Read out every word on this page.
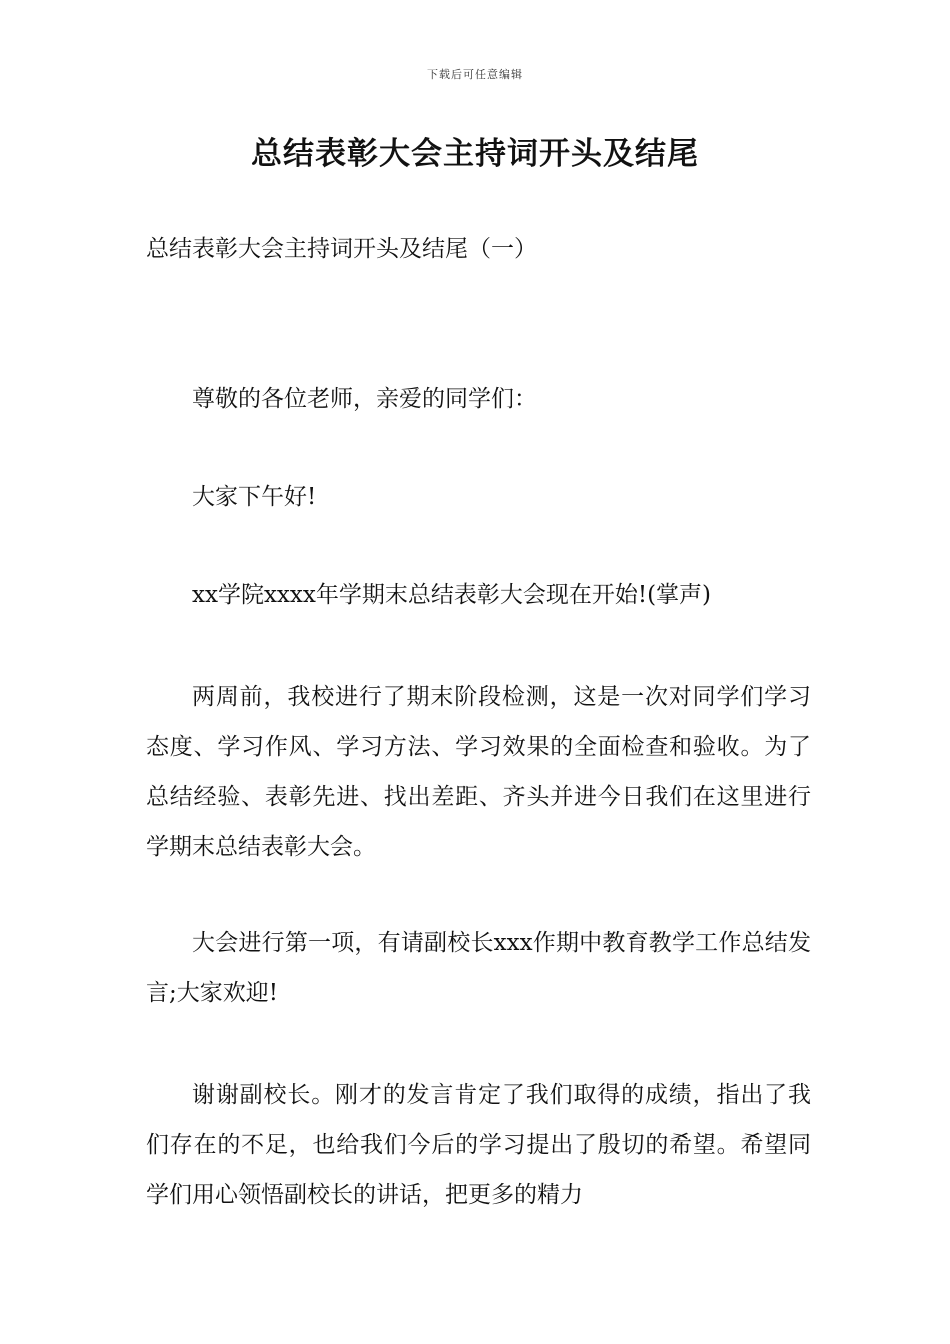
下载后可任意编辑
总结表彰大会主持词开头及结尾

总结表彰大会主持词开头及结尾（一）

尊敬的各位老师，亲爱的同学们：

大家下午好!

xx学院xxxx年学期末总结表彰大会现在开始!(掌声)

两周前，我校进行了期末阶段检测，这是一次对同学们学习态度、学习作风、学习方法、学习效果的全面检查和验收。为了总结经验、表彰先进、找出差距、齐头并进今日我们在这里进行学期末总结表彰大会。

大会进行第一项，有请副校长xxx作期中教育教学工作总结发言;大家欢迎!

谢谢副校长。刚才的发言肯定了我们取得的成绩，指出了我们存在的不足，也给我们今后的学习提出了殷切的希望。希望同学们用心领悟副校长的讲话，把更多的精力
